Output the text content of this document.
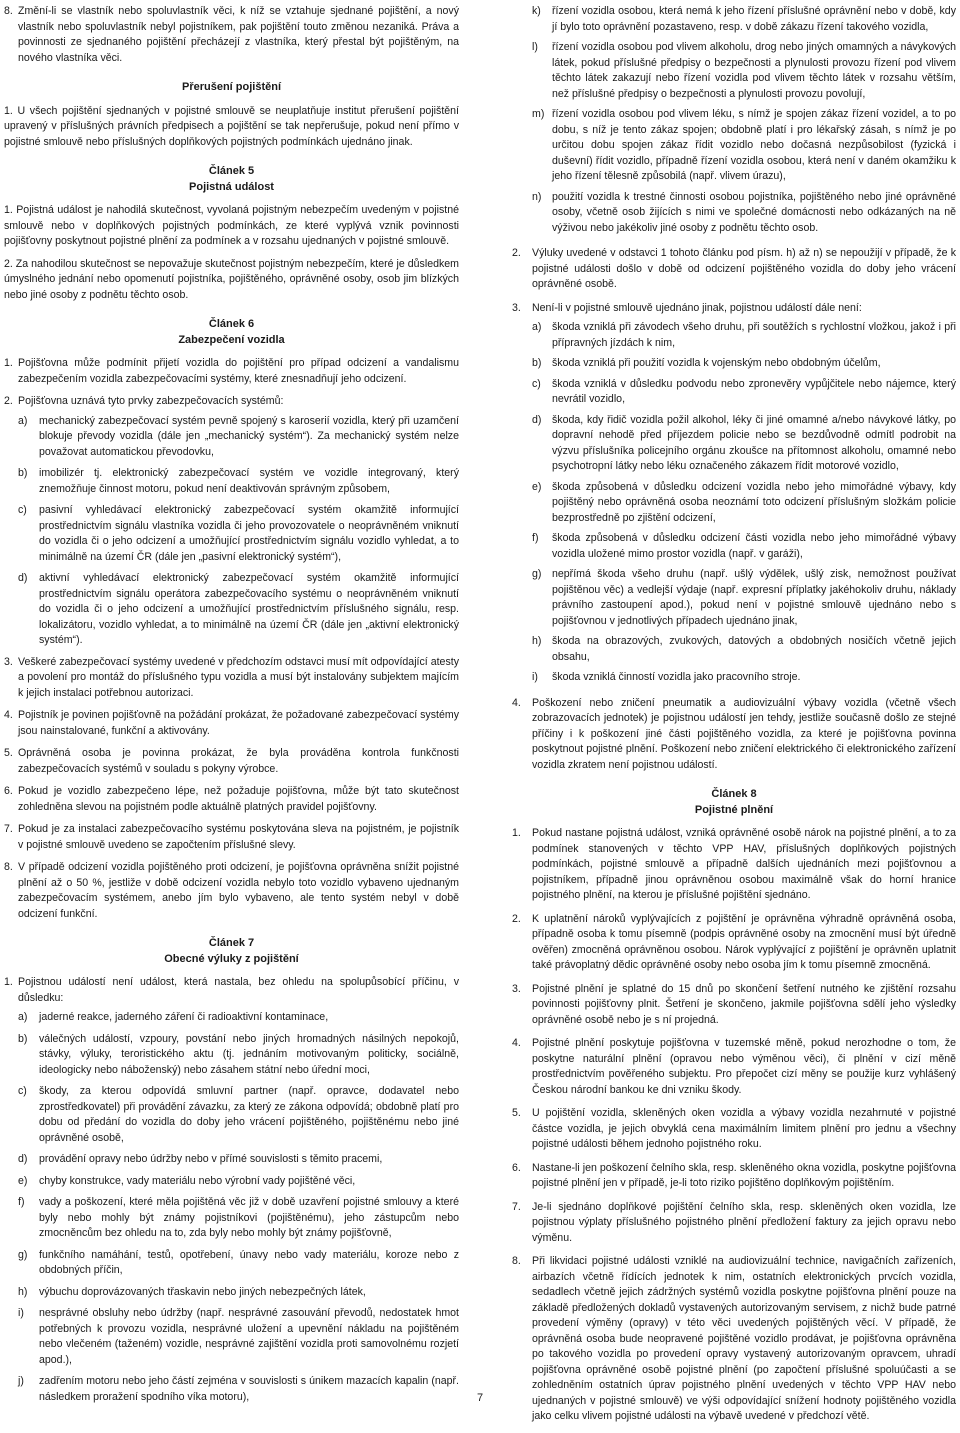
8. Změní-li se vlastník nebo spoluvlastník věci, k níž se vztahuje sjednané pojištění, a nový vlastník nebo spoluvlastník nebyl pojistníkem, pak pojištění touto změnou nezaniká. Práva a povinnosti ze sjednaného pojištění přecházejí z vlastníka, který přestal být pojištěným, na nového vlastníka věci.
Přerušení pojištění

1. U všech pojištění sjednaných v pojistné smlouvě se neuplatňuje institut přerušení pojištění upravený v příslušných právních předpisech a pojištění se tak nepřerušuje, pokud není přímo v pojistné smlouvě nebo příslušných doplňkových pojistných podmínkách ujednáno jinak.

Článek 5
Pojistná událost

1. Pojistná událost je nahodilá skutečnost, vyvolaná pojistným nebezpečím uvedeným v pojistné smlouvě nebo v doplňkových pojistných podmínkách, ze které vyplývá vznik povinnosti pojišťovny poskytnout pojistné plnění za podmínek a v rozsahu ujednaných v pojistné smlouvě.

2. Za nahodilou skutečnost se nepovažuje skutečnost pojistným nebezpečím, které je důsledkem úmyslného jednání nebo opomenutí pojistníka, pojištěného, oprávněné osoby, osob jim blízkých nebo jiné osoby z podnětu těchto osob.

Článek 6
Zabezpečení vozidla
1. Pojišťovna může podmínit přijetí vozidla do pojištění pro případ odcizení a vandalismu zabezpečením vozidla zabezpečovacími systémy, které znesnadňují jeho odcizení.
2. Pojišťovna uznává tyto prvky zabezpečovacích systémů:
a)	mechanický zabezpečovací systém pevně spojený s karoserií vozidla, který při uzamčení blokuje převody vozidla (dále jen „mechanický systém“). Za mechanický systém nelze považovat automatickou převodovku,
b)	imobilizér tj. elektronický zabezpečovací systém ve vozidle integrovaný, který znemožňuje činnost motoru, pokud není deaktivován správným způsobem,
c)	pasivní vyhledávací elektronický zabezpečovací systém okamžitě informující prostřednictvím signálu vlastníka vozidla či jeho provozovatele o neoprávněném vniknutí do vozidla či o jeho odcizení a umožňující prostřednictvím signálu vozidlo vyhledat, a to minimálně na území ČR (dále jen „pasivní elektronický systém“),
d)	aktivní vyhledávací elektronický zabezpečovací systém okamžitě informující prostřednictvím signálu operátora zabezpečovacího systému o neoprávněném vniknutí do vozidla či o jeho odcizení a umožňující prostřednictvím příslušného signálu, resp. lokalizátoru, vozidlo vyhledat, a to minimálně na území ČR (dále jen „aktivní elektronický systém“).
3. Veškeré zabezpečovací systémy uvedené v předchozím odstavci musí mít odpovídající atesty a povolení pro montáž do příslušného typu vozidla a musí být instalovány subjektem majícím k jejich instalaci potřebnou autorizaci.
4. Pojistník je povinen pojišťovně na požádání prokázat, že požadované zabezpečovací systémy jsou nainstalované, funkční a aktivovány.
5. Oprávněná osoba je povinna prokázat, že byla prováděna kontrola funkčnosti zabezpečovacích systémů v souladu s pokyny výrobce.
6. Pokud je vozidlo zabezpečeno lépe, než požaduje pojišťovna, může být tato skutečnost zohledněna slevou na pojistném podle aktuálně platných pravidel pojišťovny.
7. Pokud je za instalaci zabezpečovacího systému poskytována sleva na pojistném, je pojistník v pojistné smlouvě uvedeno se započtením příslušné slevy.
8. V případě odcizení vozidla pojištěného proti odcizení, je pojišťovna oprávněna snížit pojistné plnění až o 50 %, jestliže v době odcizení vozidla nebylo toto vozidlo vybaveno ujednaným zabezpečovacím systémem, anebo jím bylo vybaveno, ale tento systém nebyl v době odcizení funkční.
Článek 7
Obecné výluky z pojištění
1. Pojistnou událostí není událost, která nastala, bez ohledu na spolupůsobící příčinu, v důsledku:
a)	jaderné reakce, jaderného záření či radioaktivní kontaminace,
b)	válečných událostí, vzpoury, povstání nebo jiných hromadných násilných nepokojů, stávky, výluky, teroristického aktu (tj. jednáním motivovaným politicky, sociálně, ideologicky nebo náboženský) nebo zásahem státní nebo úřední moci,
c)	škody, za kterou odpovídá smluvní partner (např. opravce, dodavatel nebo zprostředkovatel) při provádění závazku, za který ze zákona odpovídá; obdobně platí pro dobu od předání do vozidla do doby jeho vrácení pojištěného, pojištěnému nebo jiné oprávněné osobě,
d)	provádění opravy nebo údržby nebo v přímé souvislosti s těmito pracemi,
e)	chyby konstrukce, vady materiálu nebo výrobní vady pojištěné věci,
f)	vady a poškození, které měla pojištěná věc již v době uzavření pojistné smlouvy a které byly nebo mohly být známy pojistníkovi (pojištěnému), jeho zástupcům nebo zmocněncům bez ohledu na to, zda byly nebo mohly být známy pojišťovně,
g)	funkčního namáhání, testů, opotřebení, únavy nebo vady materiálu, koroze nebo z obdobných příčin,
h)	výbuchu doprovázovaných třaskavin nebo jiných nebezpečných látek,
i)	nesprávné obsluhy nebo údržby (např. nesprávné zasouvání převodů, nedostatek hmot potřebných k provozu vozidla, nesprávné uložení a upevnění nákladu na pojištěném nebo vlečeném (taženém) vozidle, nesprávné zajištění vozidla proti samovolnému rozjetí apod.),
j)	zadřením motoru nebo jeho částí zejména v souvislosti s únikem mazacích kapalin (např. následkem proražení spodního víka motoru),
k)	řízení vozidla osobou, která nemá k jeho řízení příslušné oprávnění nebo v době, kdy jí bylo toto oprávnění pozastaveno, resp. v době zákazu řízení takového vozidla,
l)	řízení vozidla osobou pod vlivem alkoholu, drog nebo jiných omamných a návykových látek, pokud příslušné předpisy o bezpečnosti a plynulosti provozu řízení pod vlivem těchto látek zakazují nebo řízení vozidla pod vlivem těchto látek v rozsahu větším, než příslušné předpisy o bezpečnosti a plynulosti provozu povolují,
m) řízení vozidla osobou pod vlivem léku, s nímž je spojen zákaz řízení vozidel, a to po dobu, s níž je tento zákaz spojen; obdobně platí i pro lékařský zásah, s nímž je po určitou dobu spojen zákaz řídit vozidlo nebo dočasná nezpůsobilost (fyzická i duševní) řídit vozidlo, případně řízení vozidla osobou, která není v daném okamžiku k jeho řízení tělesně způsobilá (např. vlivem úrazu),
n) použití vozidla k trestné činnosti osobou pojistníka, pojištěného nebo jiné oprávněné osoby, včetně osob žijících s nimi ve společné domácnosti nebo odkázaných na ně výživou nebo jakékoliv jiné osoby z podnětu těchto osob.
2.	Výluky uvedené v odstavci 1 tohoto článku pod písm. h) až n) se nepoužijí v případě, že k pojistné události došlo v době od odcizení pojištěného vozidla do doby jeho vrácení oprávněné osobě.
3.	Není-li v pojistné smlouvě ujednáno jinak, pojistnou událostí dále není:
a) škoda vzniklá při závodech všeho druhu, při soutěžích s rychlostní vložkou, jakož i při přípravných jízdách k nim,
b) škoda vzniklá při použití vozidla k vojenským nebo obdobným účelům,
c)	škoda vzniklá v důsledku podvodu nebo zpronevěry vypůjčitele nebo nájemce, který nevrátil vozidlo,
d) škoda, kdy řidič vozidla požil alkohol, léky či jiné omamné a/nebo návykové látky, po dopravní nehodě před příjezdem policie nebo se bezdůvodně odmítl podrobit na výzvu příslušníka policejního orgánu zkoušce na přítomnost alkoholu, omamné nebo psychotropní látky nebo léku označeného zákazem řídit motorové vozidlo,
e) škoda způsobená v důsledku odcizení vozidla nebo jeho mimořádné výbavy, kdy pojištěný nebo oprávněná osoba neoznámí toto odcizení příslušným složkám policie bezprostředně po zjištění odcizení,
f)	škoda způsobená v důsledku odcizení části vozidla nebo jeho mimořádné výbavy vozidla uložené mimo prostor vozidla (např. v garáži),
g) nepřímá škoda všeho druhu (např. ušlý výdělek, ušlý zisk, nemožnost používat pojištěnou věc) a vedlejší výdaje (např. expresní příplatky jakéhokoliv druhu, náklady právního zastoupení apod.), pokud není v pojistné smlouvě ujednáno nebo s pojišťovnou v jednotlivých případech ujednáno jinak,
h) škoda na obrazových, zvukových, datových a obdobných nosičích včetně jejich obsahu,
i)	škoda vzniklá činností vozidla jako pracovního stroje.
4.	Poškození nebo zničení pneumatik a audiovizuální výbavy vozidla (včetně všech zobrazovacích jednotek) je pojistnou událostí jen tehdy, jestliže současně došlo ze stejné příčiny i k poškození jiné části pojištěného vozidla, za které je pojišťovna povinna poskytnout pojistné plnění. Poškození nebo zničení elektrického či elektronického zařízení vozidla zkratem není pojistnou událostí.
Článek 8
Pojistné plnění
1.	Pokud nastane pojistná událost, vzniká oprávněné osobě nárok na pojistné plnění, a to za podmínek stanovených v těchto VPP HAV, příslušných doplňkových pojistných podmínkách, pojistné smlouvě a případně dalších ujednáních mezi pojišťovnou a pojistníkem, případně jinou oprávněnou osobou maximálně však do horní hranice pojistného plnění, na kterou je příslušné pojištění sjednáno.
2.	K uplatnění nároků vyplývajících z pojištění je oprávněna výhradně oprávněná osoba, případně osoba k tomu písemně (podpis oprávněné osoby na zmocnění musí být úředně ověřen) zmocněná oprávněnou osobou. Nárok vyplývající z pojištění je oprávněn uplatnit také právoplatný dědic oprávněné osoby nebo osoba jím k tomu písemně zmocněná.
3.	Pojistné plnění je splatné do 15 dnů po skončení šetření nutného ke zjištění rozsahu povinnosti pojišťovny plnit. Šetření je skončeno, jakmile pojišťovna sdělí jeho výsledky oprávněné osobě nebo je s ní projedná.
4.	Pojistné plnění poskytuje pojišťovna v tuzemské měně, pokud nerozhodne o tom, že poskytne naturální plnění (opravou nebo výměnou věci), či plnění v cizí měně prostřednictvím pověřeného subjektu. Pro přepočet cizí měny se použije kurz vyhlášený Českou národní bankou ke dni vzniku škody.
5.	U pojištění vozidla, skleněných oken vozidla a výbavy vozidla nezahrnuté v pojistné částce vozidla, je jejich obvyklá cena maximálním limitem plnění pro jednu a všechny pojistné události během jednoho pojistného roku.
6.	Nastane-li jen poškození čelního skla, resp. skleněného okna vozidla, poskytne pojišťovna pojistné plnění jen v případě, je-li toto riziko pojištěno doplňkovým pojištěním.
7.	Je-li sjednáno doplňkové pojištění čelního skla, resp. skleněných oken vozidla, lze pojistnou výplaty příslušného pojistného plnění předložení faktury za jejich opravu nebo výměnu.
8.	Při likvidaci pojistné události vzniklé na audiovizuální technice, navigačních zařízeních, airbazích včetně řídících jednotek k nim, ostatních elektronických prvcích vozidla, sedadlech včetně jejich zádržných systémů vozidla poskytne pojišťovna plnění pouze na základě předložených dokladů vystavených autorizovaným servisem, z nichž bude patrné provedení výměny (opravy) v této věci uvedených pojištěných věcí. V případě, že oprávněná osoba bude neopravené pojištěné vozidlo prodávat, je pojišťovna oprávněna po takového vozidla po provedení opravy vystavený autorizovaným opravcem, uhradí pojišťovna oprávněné osobě pojistné plnění (po započtení příslušné spoluúčasti a se zohledněním ostatních úprav pojistného plnění uvedených v těchto VPP HAV nebo ujednaných v pojistné smlouvě) ve výši odpovídající snížení hodnoty pojištěného vozidla jako celku vlivem pojistné události na výbavě uvedené v předchozí větě.
7
